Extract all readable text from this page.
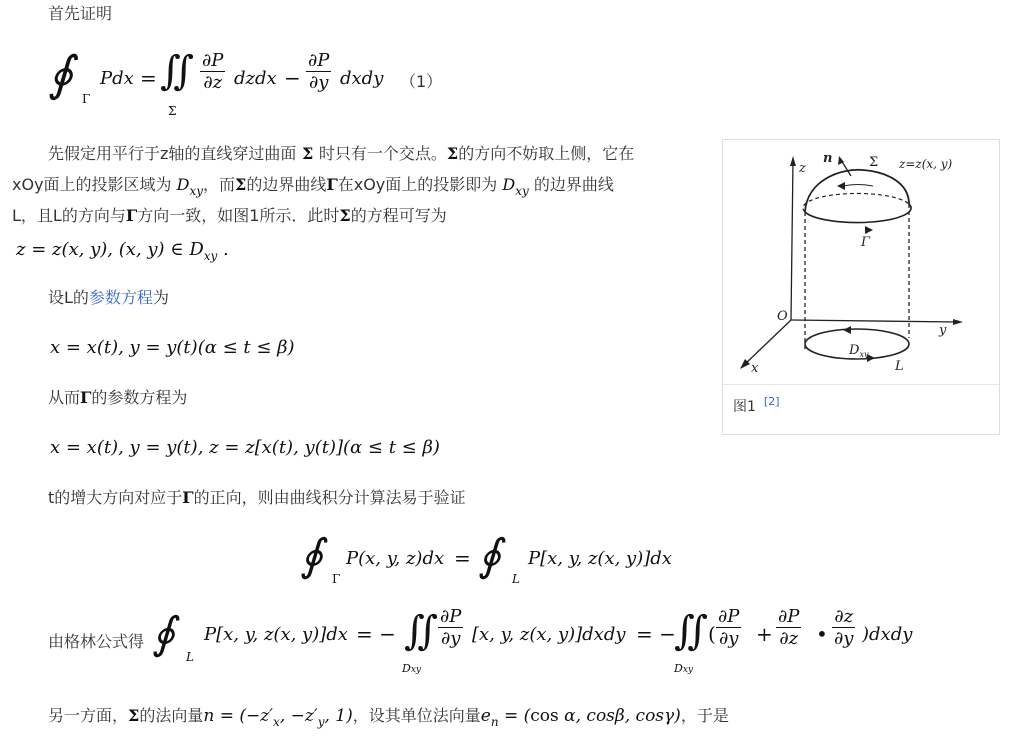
首先证明
∮ Γ
Pdx = ∬
Σ
$\frac{\partial P}{\partial z}$ dzdx − $\frac{\partial P}{\partial y}$ dxdy （1）
先假定用平行于z轴的直线穿过曲面 Σ 时只有一个交点。Σ的方向不妨取上侧，它在
xOy面上的投影区域为 $D_{xy}$，而Σ的边界曲线Γ在xOy面上的投影即为 $D_{xy}$ 的边界曲线
L，且L的方向与Γ方向一致，如图1所示．此时Σ的方程可写为
z = z(x, y), (x, y) ∈ $D_{xy}$ .
设L的参数方程为
x = x(t), y = y(t)(α ≤ t ≤ β)
从而Γ的参数方程为
x = x(t), y = y(t), z = z[x(t), y(t)](α ≤ t ≤ β)
t的增大方向对应于Γ的正向，则由曲线积分计算法易于验证
∮ Γ
P(x, y, z)dx = ∮ L
P[x, y, z(x, y)]dx
由格林公式得 ∮ L
P[x, y, z(x, y)]dx = − ∬
Dxy
$\frac{\partial P}{\partial y} [x$, y, z(x, y)]dxdy = −
∬
Dxy
( $\frac{\partial P}{\partial y} + \frac{\partial P}{\partial z}$ • $\frac{\partial z}{\partial y}$ )dxdy
另一方面，Σ的法向量$n = (-z'_x$, $-z'_y$, 1)，设其单位法向量$e_n = (\cos$ α, cosβ, cosγ)，于是
z
y
x
O
n	Σ z=z(x, y)
Γ
$D_{xy}$
L
图1 [2]
